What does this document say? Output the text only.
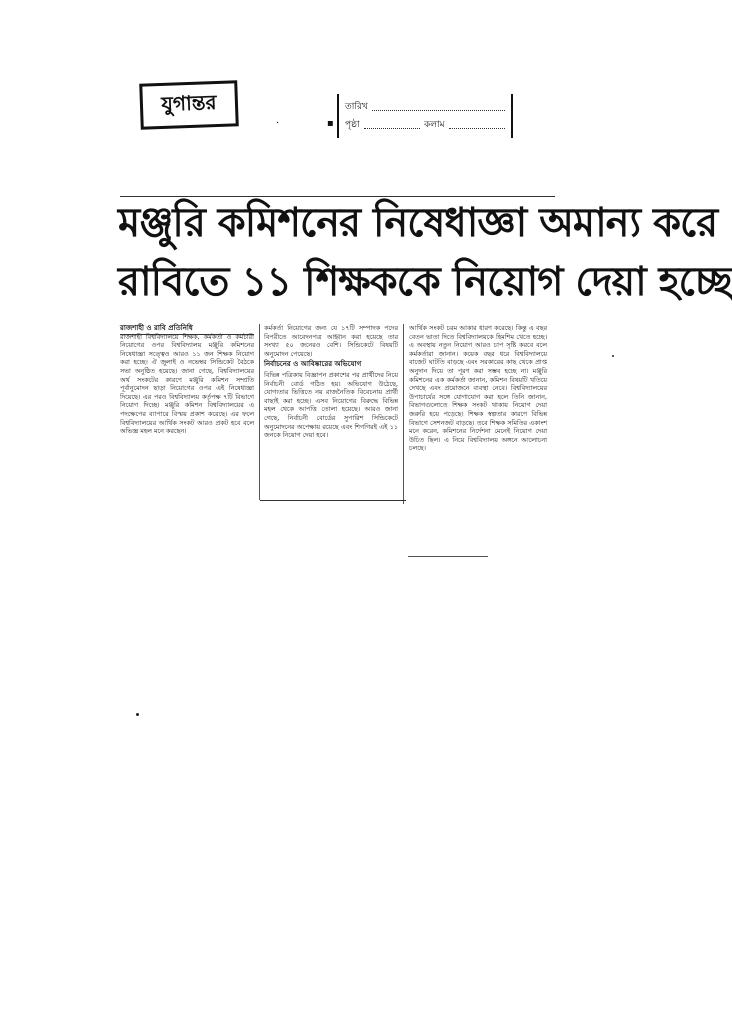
যুগান্তর
·               ▪
তারিখ
পৃষ্ঠা	কলাম
মঞ্জুরি কমিশনের নিষেধাজ্ঞা অমান্য করে
রাবিতে ১১ শিক্ষককে নিয়োগ দেয়া হচ্ছে
রাজশাহী ও রাবি প্রতিনিধি
রাজশাহী বিশ্ববিদ্যালয়ে শিক্ষক, কর্মকর্তা ও কর্মচারী নিয়োগের ওপর বিশ্ববিদ্যালয় মঞ্জুরি কমিশনের নিষেধাজ্ঞা সত্ত্বেও আরও ১১ জন শিক্ষক নিয়োগ করা হচ্ছে। ঐ জুলাই ও নভেম্বর সিন্ডিকেট বৈঠকে সভা অনুষ্ঠিত হয়েছে। জানা গেছে, বিশ্ববিদ্যালয়ের অর্থ সংকটের কারণে মঞ্জুরি কমিশন সম্প্রতি পূর্বানুমোদন ছাড়া নিয়োগের ওপর এই নিষেধাজ্ঞা দিয়েছে। এর পরও বিশ্ববিদ্যালয় কর্তৃপক্ষ ৭টি বিভাগে নিয়োগ দিচ্ছে। মঞ্জুরি কমিশন বিশ্ববিদ্যালয়ের এ পদক্ষেপের ব্যাপারে বিস্ময় প্রকাশ করেছে। এর ফলে বিশ্ববিদ্যালয়ের আর্থিক সংকট আরও প্রকট হবে বলে অভিজ্ঞ মহল মনে করছেন।
কর্মকর্তা নিয়োগের জন্য যে ১৭টি সম্পাদক পদের বিপরীতে আবেদনপত্র আহ্বান করা হয়েছে তার সংখ্যা ৫০ জনেরও বেশি। সিন্ডিকেটে বিষয়টি অনুমোদন পেয়েছে।
নির্বাচনের ও আবিষ্কারের অভিযোগ
বিভিন্ন পত্রিকায় বিজ্ঞাপন প্রকাশের পর প্রার্থীদের নিয়ে নির্বাচনী বোর্ড গঠিত হয়। অভিযোগ উঠেছে, যোগ্যতার ভিত্তিতে নয় রাজনৈতিক বিবেচনায় প্রার্থী বাছাই করা হচ্ছে। এসব নিয়োগের বিরুদ্ধে বিভিন্ন মহল থেকে আপত্তি তোলা হয়েছে। আরও জানা গেছে, নির্বাচনী বোর্ডের সুপারিশ সিন্ডিকেটে অনুমোদনের অপেক্ষায় রয়েছে এবং শিগগিরই এই ১১ জনকে নিয়োগ দেয়া হবে।
আর্থিক সংকট চরম আকার ধারণ করেছে। কিন্তু এ বছর বেতন ভাতা দিতে বিশ্ববিদ্যালয়কে হিমশিম খেতে হচ্ছে। এ অবস্থায় নতুন নিয়োগ আরও চাপ সৃষ্টি করবে বলে কর্মকর্তারা জানান। কয়েক বছর ধরে বিশ্ববিদ্যালয়ে বাজেট ঘাটতি বাড়ছে এবং সরকারের কাছ থেকে প্রাপ্ত অনুদান দিয়ে তা পূরণ করা সম্ভব হচ্ছে না। মঞ্জুরি কমিশনের এক কর্মকর্তা জানান, কমিশন বিষয়টি খতিয়ে দেখছে এবং প্রয়োজনে ব্যবস্থা নেবে। বিশ্ববিদ্যালয়ের উপাচার্যের সঙ্গে যোগাযোগ করা হলে তিনি জানান, বিভাগগুলোতে শিক্ষক সংকট থাকায় নিয়োগ দেয়া জরুরি হয়ে পড়েছে। শিক্ষক স্বল্পতার কারণে বিভিন্ন বিভাগে সেশনজট বাড়ছে। তবে শিক্ষক সমিতির একাংশ মনে করেন, কমিশনের নির্দেশনা মেনেই নিয়োগ দেয়া উচিত ছিল। এ নিয়ে বিশ্ববিদ্যালয় অঙ্গনে আলোচনা চলছে।
